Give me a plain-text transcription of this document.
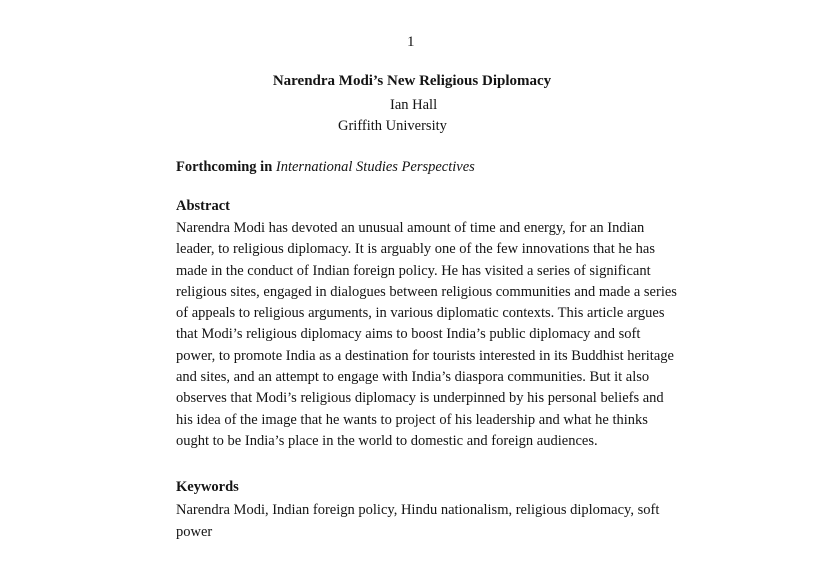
1
Narendra Modi’s New Religious Diplomacy
Ian Hall
Griffith University
Forthcoming in International Studies Perspectives
Abstract
Narendra Modi has devoted an unusual amount of time and energy, for an Indian
leader, to religious diplomacy. It is arguably one of the few innovations that he has
made in the conduct of Indian foreign policy. He has visited a series of significant
religious sites, engaged in dialogues between religious communities and made a series
of appeals to religious arguments, in various diplomatic contexts. This article argues
that Modi’s religious diplomacy aims to boost India’s public diplomacy and soft
power, to promote India as a destination for tourists interested in its Buddhist heritage
and sites, and an attempt to engage with India’s diaspora communities. But it also
observes that Modi’s religious diplomacy is underpinned by his personal beliefs and
his idea of the image that he wants to project of his leadership and what he thinks
ought to be India’s place in the world to domestic and foreign audiences.
Keywords
Narendra Modi, Indian foreign policy, Hindu nationalism, religious diplomacy, soft
power
